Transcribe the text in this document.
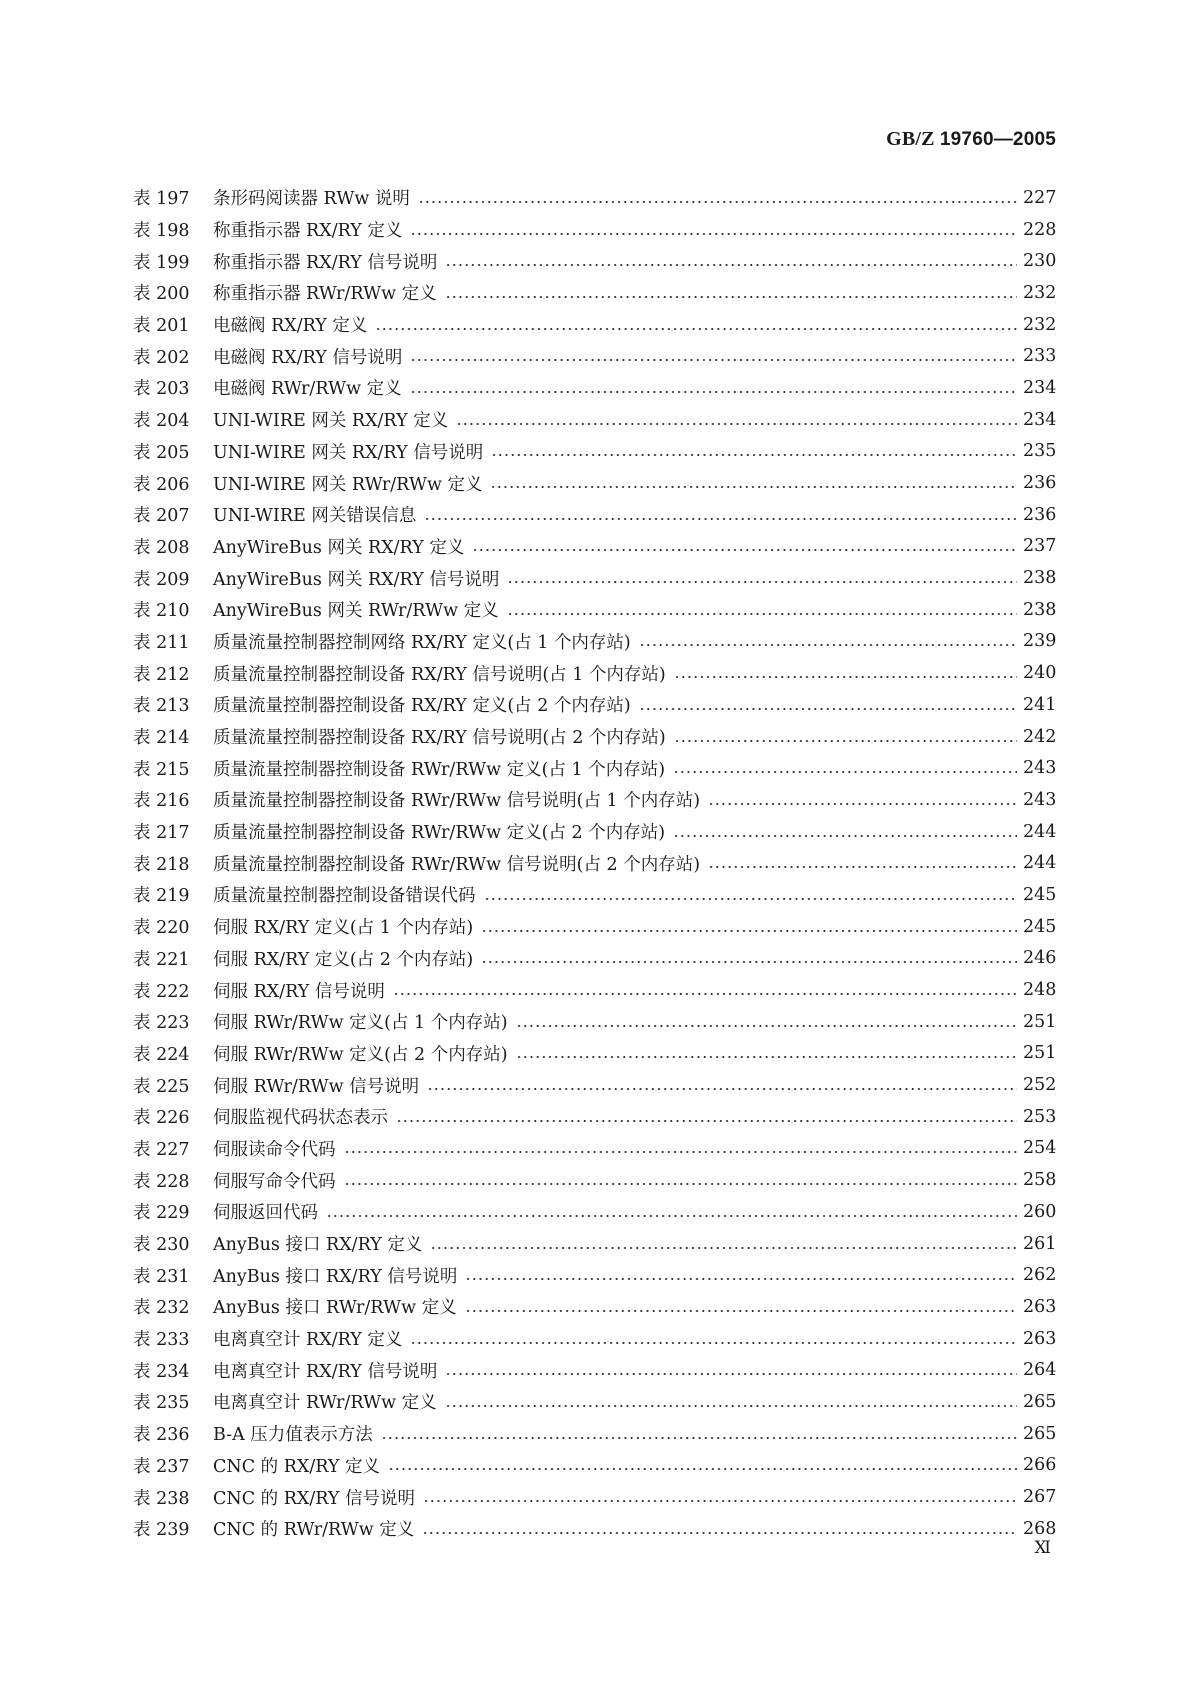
GB/Z 19760—2005
表 197	条形码阅读器 RWw 说明	227
表 198	称重指示器 RX/RY 定义	228
表 199	称重指示器 RX/RY 信号说明	230
表 200	称重指示器 RWr/RWw 定义	232
表 201	电磁阀 RX/RY 定义	232
表 202	电磁阀 RX/RY 信号说明	233
表 203	电磁阀 RWr/RWw 定义	234
表 204	UNI-WIRE 网关 RX/RY 定义	234
表 205	UNI-WIRE 网关 RX/RY 信号说明	235
表 206	UNI-WIRE 网关 RWr/RWw 定义	236
表 207	UNI-WIRE 网关错误信息	236
表 208	AnyWireBus 网关 RX/RY 定义	237
表 209	AnyWireBus 网关 RX/RY 信号说明	238
表 210	AnyWireBus 网关 RWr/RWw 定义	238
表 211	质量流量控制器控制网络 RX/RY 定义(占 1 个内存站)	239
表 212	质量流量控制器控制设备 RX/RY 信号说明(占 1 个内存站)	240
表 213	质量流量控制器控制设备 RX/RY 定义(占 2 个内存站)	241
表 214	质量流量控制器控制设备 RX/RY 信号说明(占 2 个内存站)	242
表 215	质量流量控制器控制设备 RWr/RWw 定义(占 1 个内存站)	243
表 216	质量流量控制器控制设备 RWr/RWw 信号说明(占 1 个内存站)	243
表 217	质量流量控制器控制设备 RWr/RWw 定义(占 2 个内存站)	244
表 218	质量流量控制器控制设备 RWr/RWw 信号说明(占 2 个内存站)	244
表 219	质量流量控制器控制设备错误代码	245
表 220	伺服 RX/RY 定义(占 1 个内存站)	245
表 221	伺服 RX/RY 定义(占 2 个内存站)	246
表 222	伺服 RX/RY 信号说明	248
表 223	伺服 RWr/RWw 定义(占 1 个内存站)	251
表 224	伺服 RWr/RWw 定义(占 2 个内存站)	251
表 225	伺服 RWr/RWw 信号说明	252
表 226	伺服监视代码状态表示	253
表 227	伺服读命令代码	254
表 228	伺服写命令代码	258
表 229	伺服返回代码	260
表 230	AnyBus 接口 RX/RY 定义	261
表 231	AnyBus 接口 RX/RY 信号说明	262
表 232	AnyBus 接口 RWr/RWw 定义	263
表 233	电离真空计 RX/RY 定义	263
表 234	电离真空计 RX/RY 信号说明	264
表 235	电离真空计 RWr/RWw 定义	265
表 236	B-A 压力值表示方法	265
表 237	CNC 的 RX/RY 定义	266
表 238	CNC 的 RX/RY 信号说明	267
表 239	CNC 的 RWr/RWw 定义	268
Ⅺ
